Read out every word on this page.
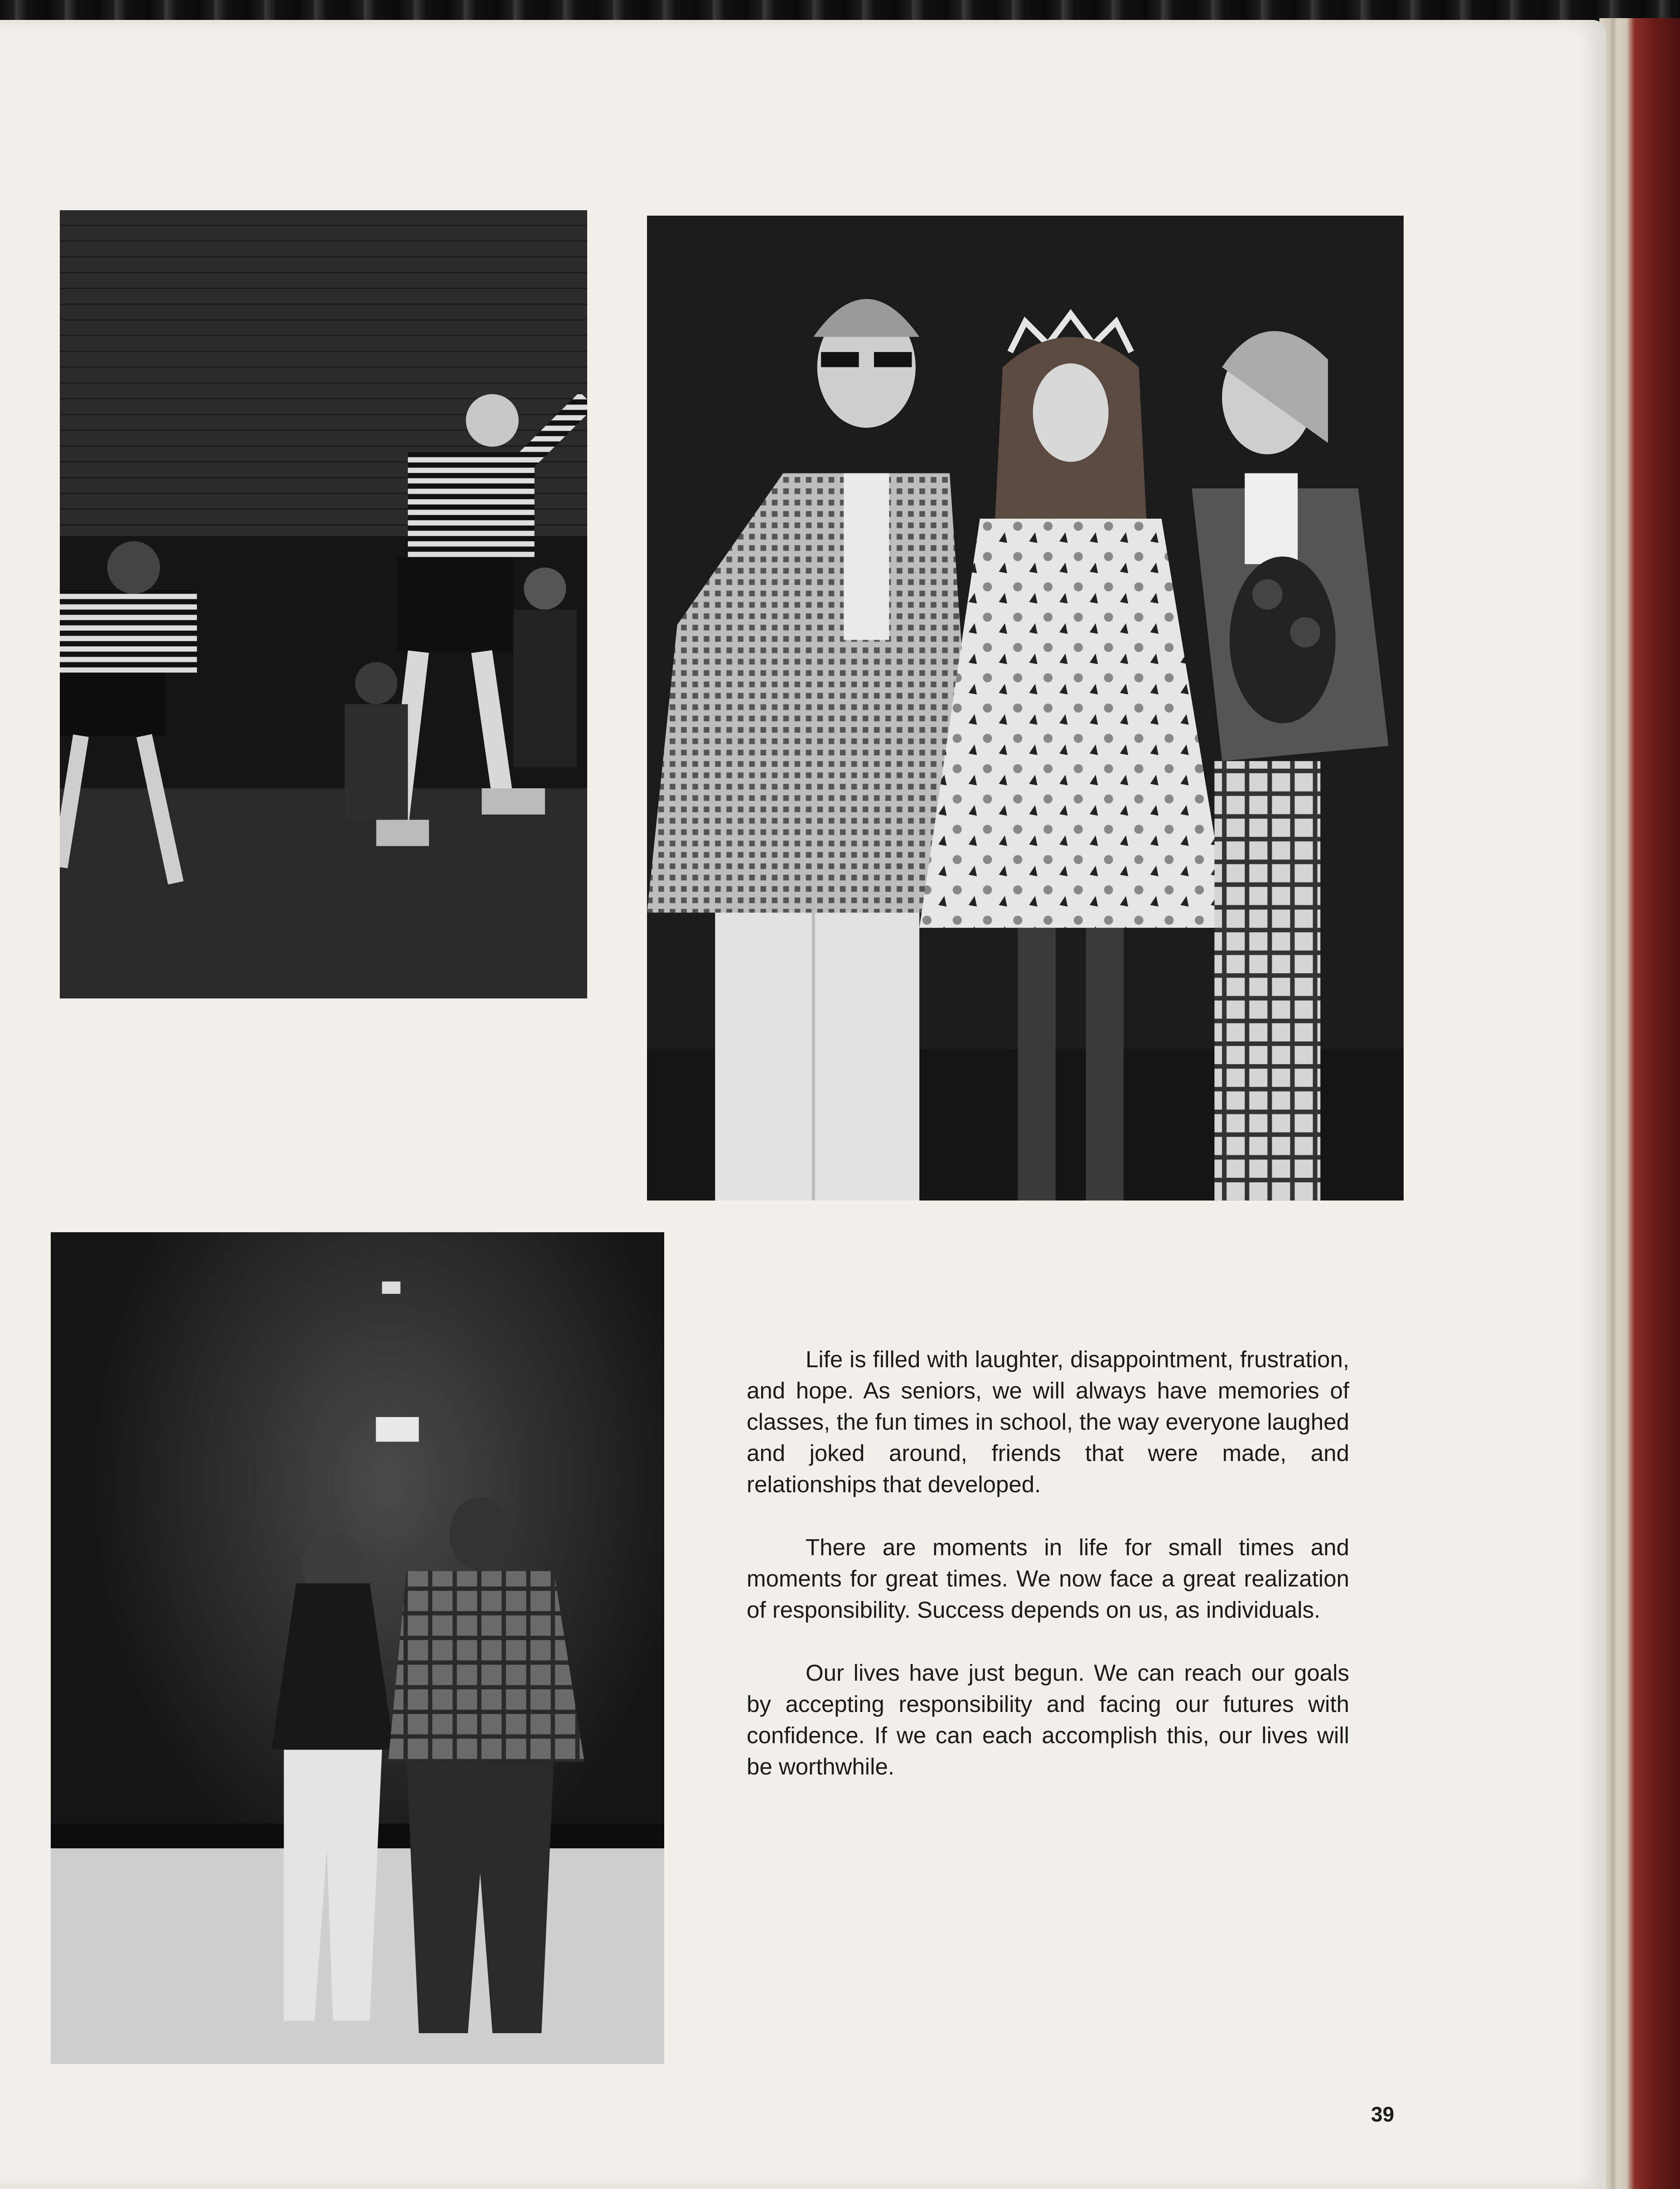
Life is filled with laughter, disappointment, frustration, and hope. As seniors, we will always have memories of classes, the fun times in school, the way everyone laughed and joked around, friends that were made, and relationships that developed.

There are moments in life for small times and moments for great times. We now face a great realization of responsibility. Success depends on us, as individuals.

Our lives have just begun. We can reach our goals by accepting responsibility and facing our futures with confidence. If we can each accomplish this, our lives will be worthwhile.

39
